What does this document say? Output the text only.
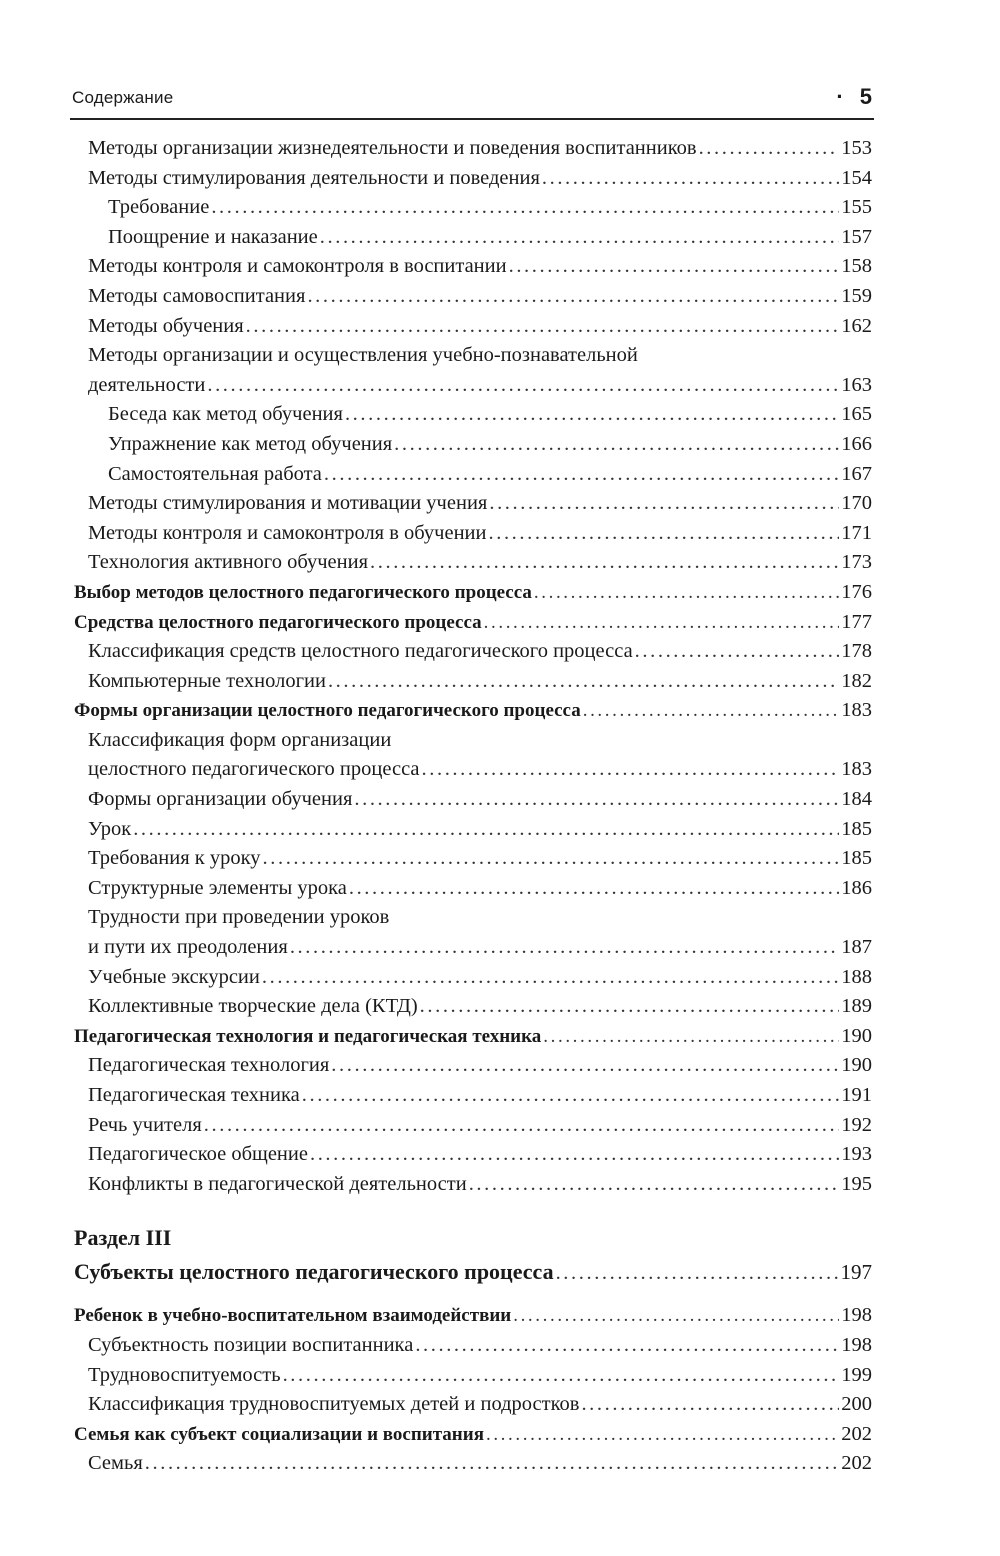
Содержание	· 5
Методы организации жизнедеятельности и поведения воспитанников .....	153
Методы стимулирования деятельности и поведения .....	154
Требование .....	155
Поощрение и наказание .....	157
Методы контроля и самоконтроля в воспитании .....	158
Методы самовоспитания .....	159
Методы обучения .....	162
Методы организации и осуществления учебно-познавательной
деятельности .....	163
Беседа как метод обучения .....	165
Упражнение как метод обучения .....	166
Самостоятельная работа .....	167
Методы стимулирования и мотивации учения .....	170
Методы контроля и самоконтроля в обучении .....	171
Технология активного обучения .....	173
Выбор методов целостного педагогического процесса .....	176
Средства целостного педагогического процесса .....	177
Классификация средств целостного педагогического процесса .....	178
Компьютерные технологии .....	182
Формы организации целостного педагогического процесса .....	183
Классификация форм организации
целостного педагогического процесса .....	183
Формы организации обучения .....	184
Урок .....	185
Требования к уроку .....	185
Структурные элементы урока .....	186
Трудности при проведении уроков
и пути их преодоления .....	187
Учебные экскурсии .....	188
Коллективные творческие дела (КТД) .....	189
Педагогическая технология и педагогическая техника .....	190
Педагогическая технология .....	190
Педагогическая техника .....	191
Речь учителя .....	192
Педагогическое общение .....	193
Конфликты в педагогической деятельности .....	195
Раздел III
Субъекты целостного педагогического процесса .....	197
Ребенок в учебно-воспитательном взаимодействии .....	198
Субъектность позиции воспитанника .....	198
Трудновоспитуемость .....	199
Классификация трудновоспитуемых детей и подростков .....	200
Семья как субъект социализации и воспитания .....	202
Семья .....	202
